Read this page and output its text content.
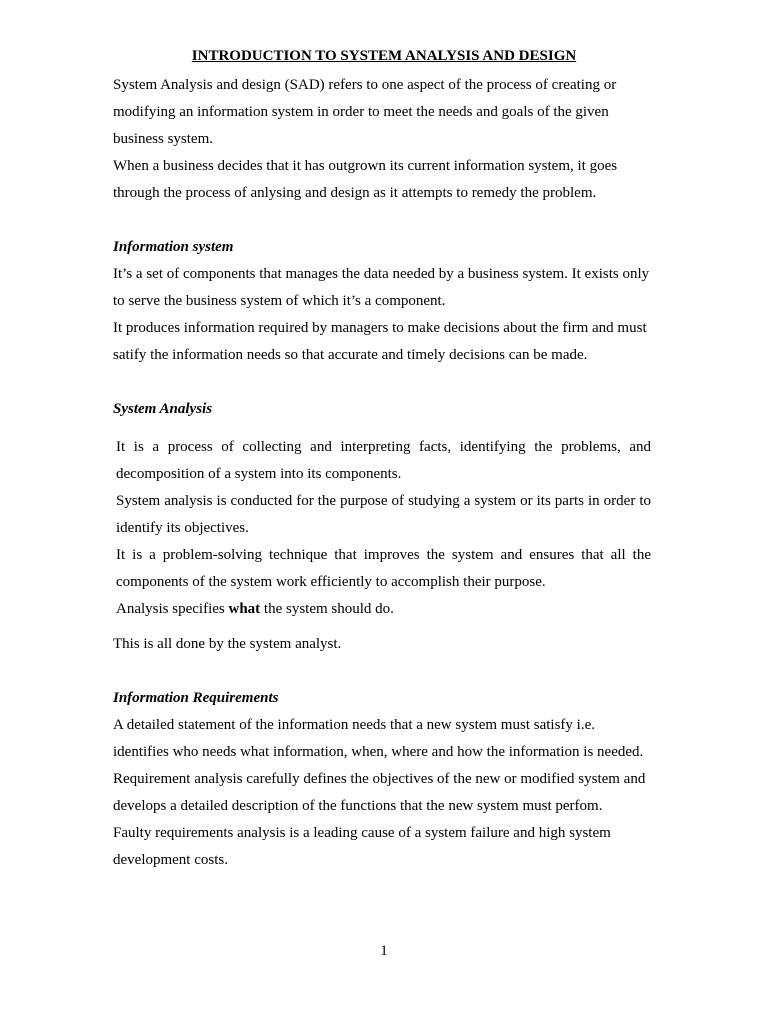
INTRODUCTION TO SYSTEM ANALYSIS AND DESIGN

System Analysis and design (SAD) refers to one aspect of the process of creating or

modifying an information system in order to meet the needs and goals of the given

business system.

When a business decides that it has outgrown its current information system, it goes

through the process of anlysing and design as it attempts to remedy the problem.

Information system

It’s a set of components that manages the data needed by a business system. It exists only

to serve the business system of which it’s a component.

It produces information required by managers to make decisions about the firm and must

satify the information needs so that accurate and timely decisions can be made.

System Analysis

It is a process of collecting and interpreting facts, identifying the problems, and decomposition of a system into its components.

System analysis is conducted for the purpose of studying a system or its parts in order to identify its objectives.

It is a problem-solving technique that improves the system and ensures that all the components of the system work efficiently to accomplish their purpose.

Analysis specifies what the system should do.

This is all done by the system analyst.

Information Requirements

A detailed statement of the information needs that a new system must satisfy i.e.

identifies who needs what information, when, where and how the information is needed.

Requirement analysis carefully defines the objectives of the new or modified system and

develops a detailed description of the functions that the new system must perfom.

Faulty requirements analysis is a leading cause of a system failure and high system

development costs.

1
